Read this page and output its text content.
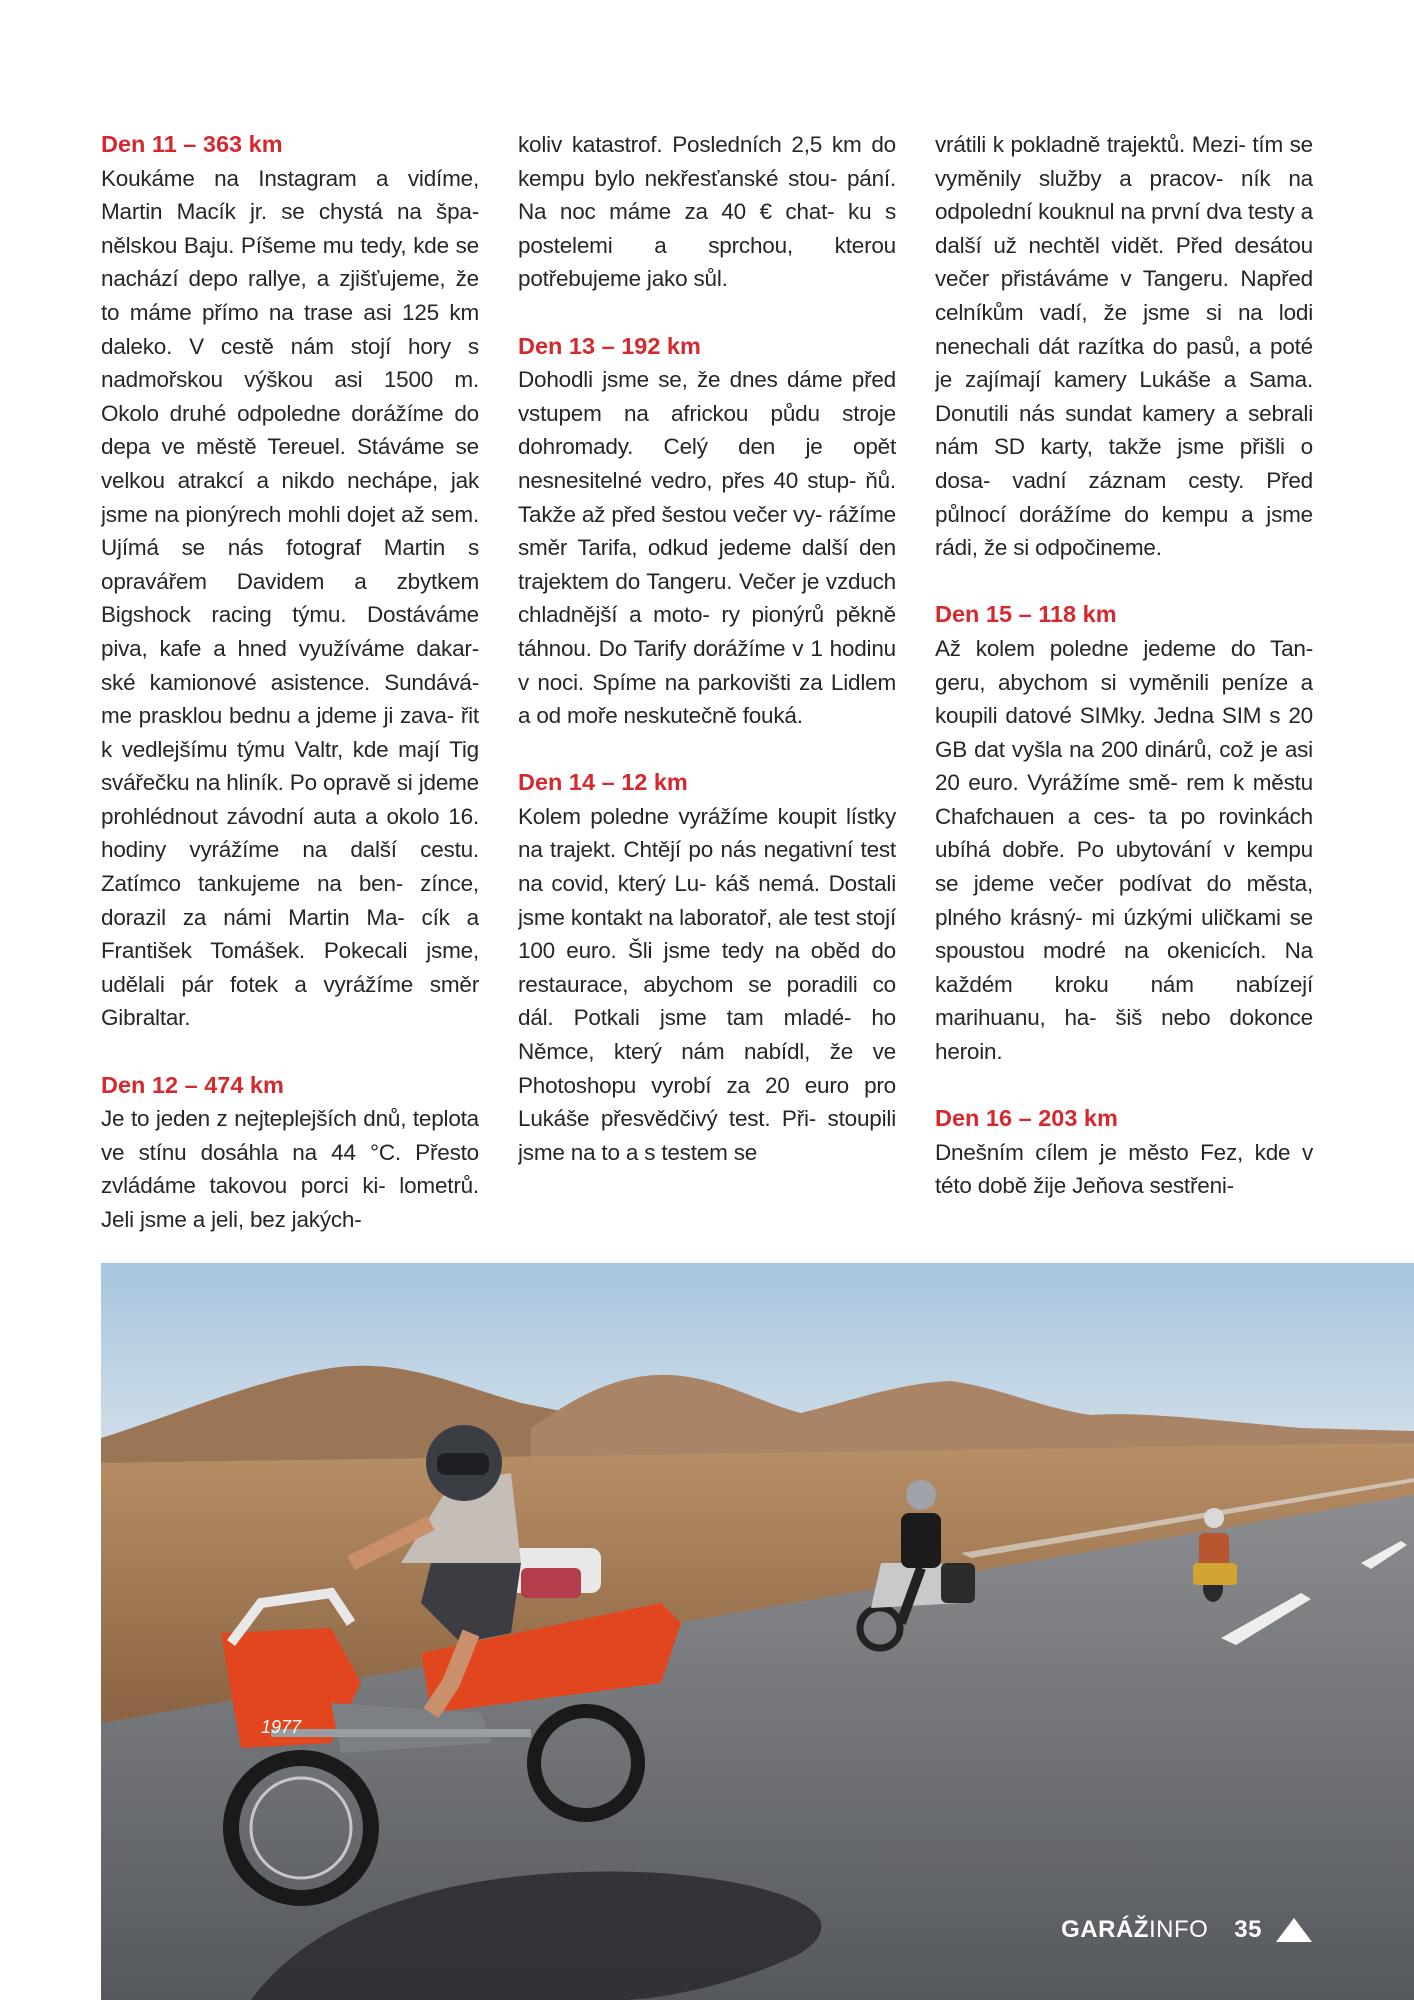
Den 11 – 363 km

Koukáme na Instagram a vidíme, Martin Macík jr. se chystá na špa- nělskou Baju. Píšeme mu tedy, kde se nachází depo rallye, a zjišťujeme, že to máme přímo na trase asi 125 km daleko. V cestě nám stojí hory s nadmořskou výškou asi 1500 m. Okolo druhé odpoledne dorážíme do depa ve městě Tereuel. Stáváme se velkou atrakcí a nikdo nechápe, jak jsme na pionýrech mohli dojet až sem. Ujímá se nás fotograf Martin s opravářem Davidem a zbytkem Bigshock racing týmu. Dostáváme piva, kafe a hned využíváme dakar- ské kamionové asistence. Sundává- me prasklou bednu a jdeme ji zava- řit k vedlejšímu týmu Valtr, kde mají Tig svářečku na hliník. Po opravě si jdeme prohlédnout závodní auta a okolo 16. hodiny vyrážíme na další cestu. Zatímco tankujeme na ben- zínce, dorazil za námi Martin Ma- cík a František Tomášek. Pokecali jsme, udělali pár fotek a vyrážíme směr Gibraltar.

Den 12 – 474 km

Je to jeden z nejteplejších dnů, teplota ve stínu dosáhla na 44 °C. Přesto zvládáme takovou porci ki- lometrů. Jeli jsme a jeli, bez jakých-

koliv katastrof. Posledních 2,5 km do kempu bylo nekřesťanské stou- pání. Na noc máme za 40 € chat- ku s postelemi a sprchou, kterou potřebujeme jako sůl.

Den 13 – 192 km

Dohodli jsme se, že dnes dáme před vstupem na africkou půdu stroje dohromady. Celý den je opět nesnesitelné vedro, přes 40 stup- ňů. Takže až před šestou večer vy- rážíme směr Tarifa, odkud jedeme další den trajektem do Tangeru. Večer je vzduch chladnější a moto- ry pionýrů pěkně táhnou. Do Tarify dorážíme v 1 hodinu v noci. Spíme na parkovišti za Lidlem a od moře neskutečně fouká.

Den 14 – 12 km

Kolem poledne vyrážíme koupit lístky na trajekt. Chtějí po nás negativní test na covid, který Lu- káš nemá. Dostali jsme kontakt na laboratoř, ale test stojí 100 euro. Šli jsme tedy na oběd do restaurace, abychom se poradili co dál. Potkali jsme tam mladé- ho Němce, který nám nabídl, že ve Photoshopu vyrobí za 20 euro pro Lukáše přesvědčivý test. Při- stoupili jsme na to a s testem se

vrátili k pokladně trajektů. Mezi- tím se vyměnily služby a pracov- ník na odpolední kouknul na první dva testy a další už nechtěl vidět. Před desátou večer přistáváme v Tangeru. Napřed celníkům vadí, že jsme si na lodi nenechali dát razítka do pasů, a poté je zajímají kamery Lukáše a Sama. Donutili nás sundat kamery a sebrali nám SD karty, takže jsme přišli o dosa- vadní záznam cesty. Před půlnocí dorážíme do kempu a jsme rádi, že si odpočineme.

Den 15 – 118 km

Až kolem poledne jedeme do Tan- geru, abychom si vyměnili peníze a koupili datové SIMky. Jedna SIM s 20 GB dat vyšla na 200 dinárů, což je asi 20 euro. Vyrážíme smě- rem k městu Chafchauen a ces- ta po rovinkách ubíhá dobře. Po ubytování v kempu se jdeme večer podívat do města, plného krásný- mi úzkými uličkami se spoustou modré na okenicích. Na každém kroku nám nabízejí marihuanu, ha- šiš nebo dokonce heroin.

Den 16 – 203 km

Dnešním cílem je město Fez, kde v této době žije Jeňova sestřeni-

1977
GARÁŽINFO 35
